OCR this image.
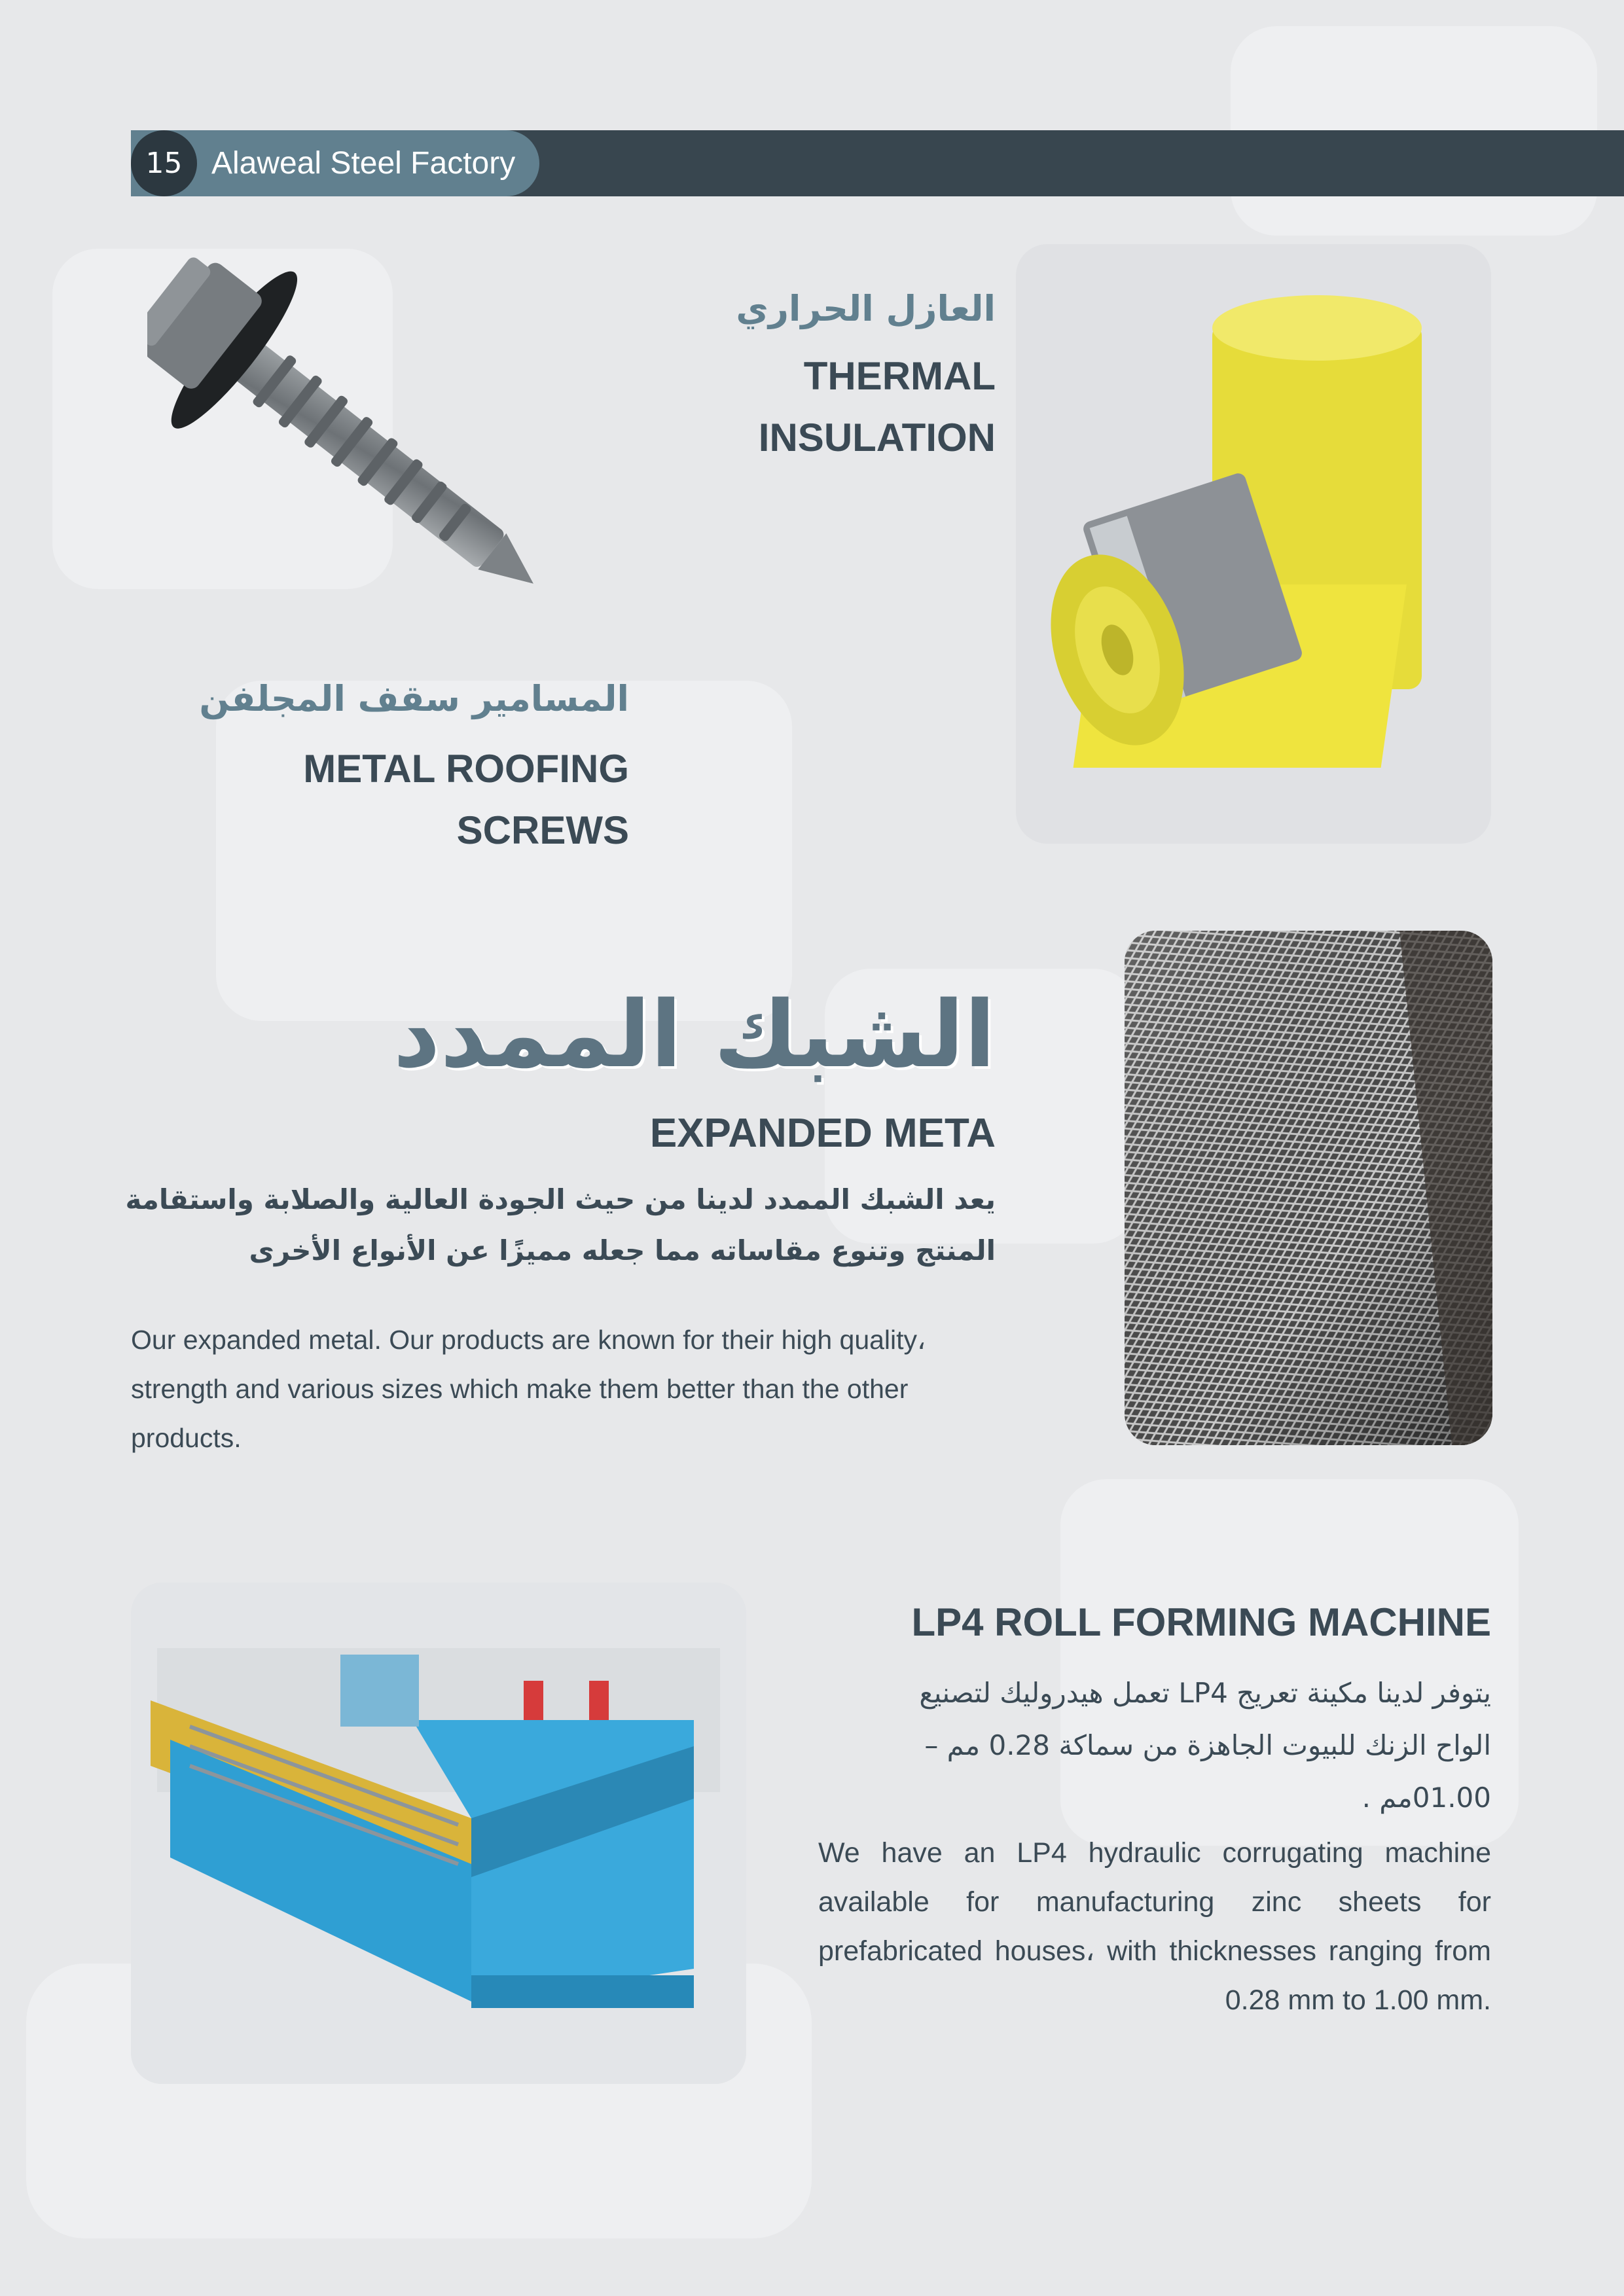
15 Alaweal Steel Factory
العازل الحراري
THERMAL
INSULATION
المسامير سقف المجلفن
METAL ROOFING
SCREWS
الشبك الممدد
EXPANDED META
يعد الشبك الممدد لدينا من حيث الجودة العالية والصلابة واستقامة
المنتج وتنوع مقاساته مما جعله مميزًا عن الأنواع الأخرى
Our expanded metal. Our products are known for their high quality، strength and various sizes which make them better than the other products.
LP4 ROLL FORMING MACHINE
يتوفر لدينا مكينة تعريج LP4 تعمل هيدروليك لتصنيع
الواح الزنك للبيوت الجاهزة من سماكة 0.28 مم –
01.00مم .
We have an LP4 hydraulic corrugating machine available for manufacturing zinc sheets for prefabricated houses، with thicknesses ranging from 0.28 mm to 1.00 mm.
